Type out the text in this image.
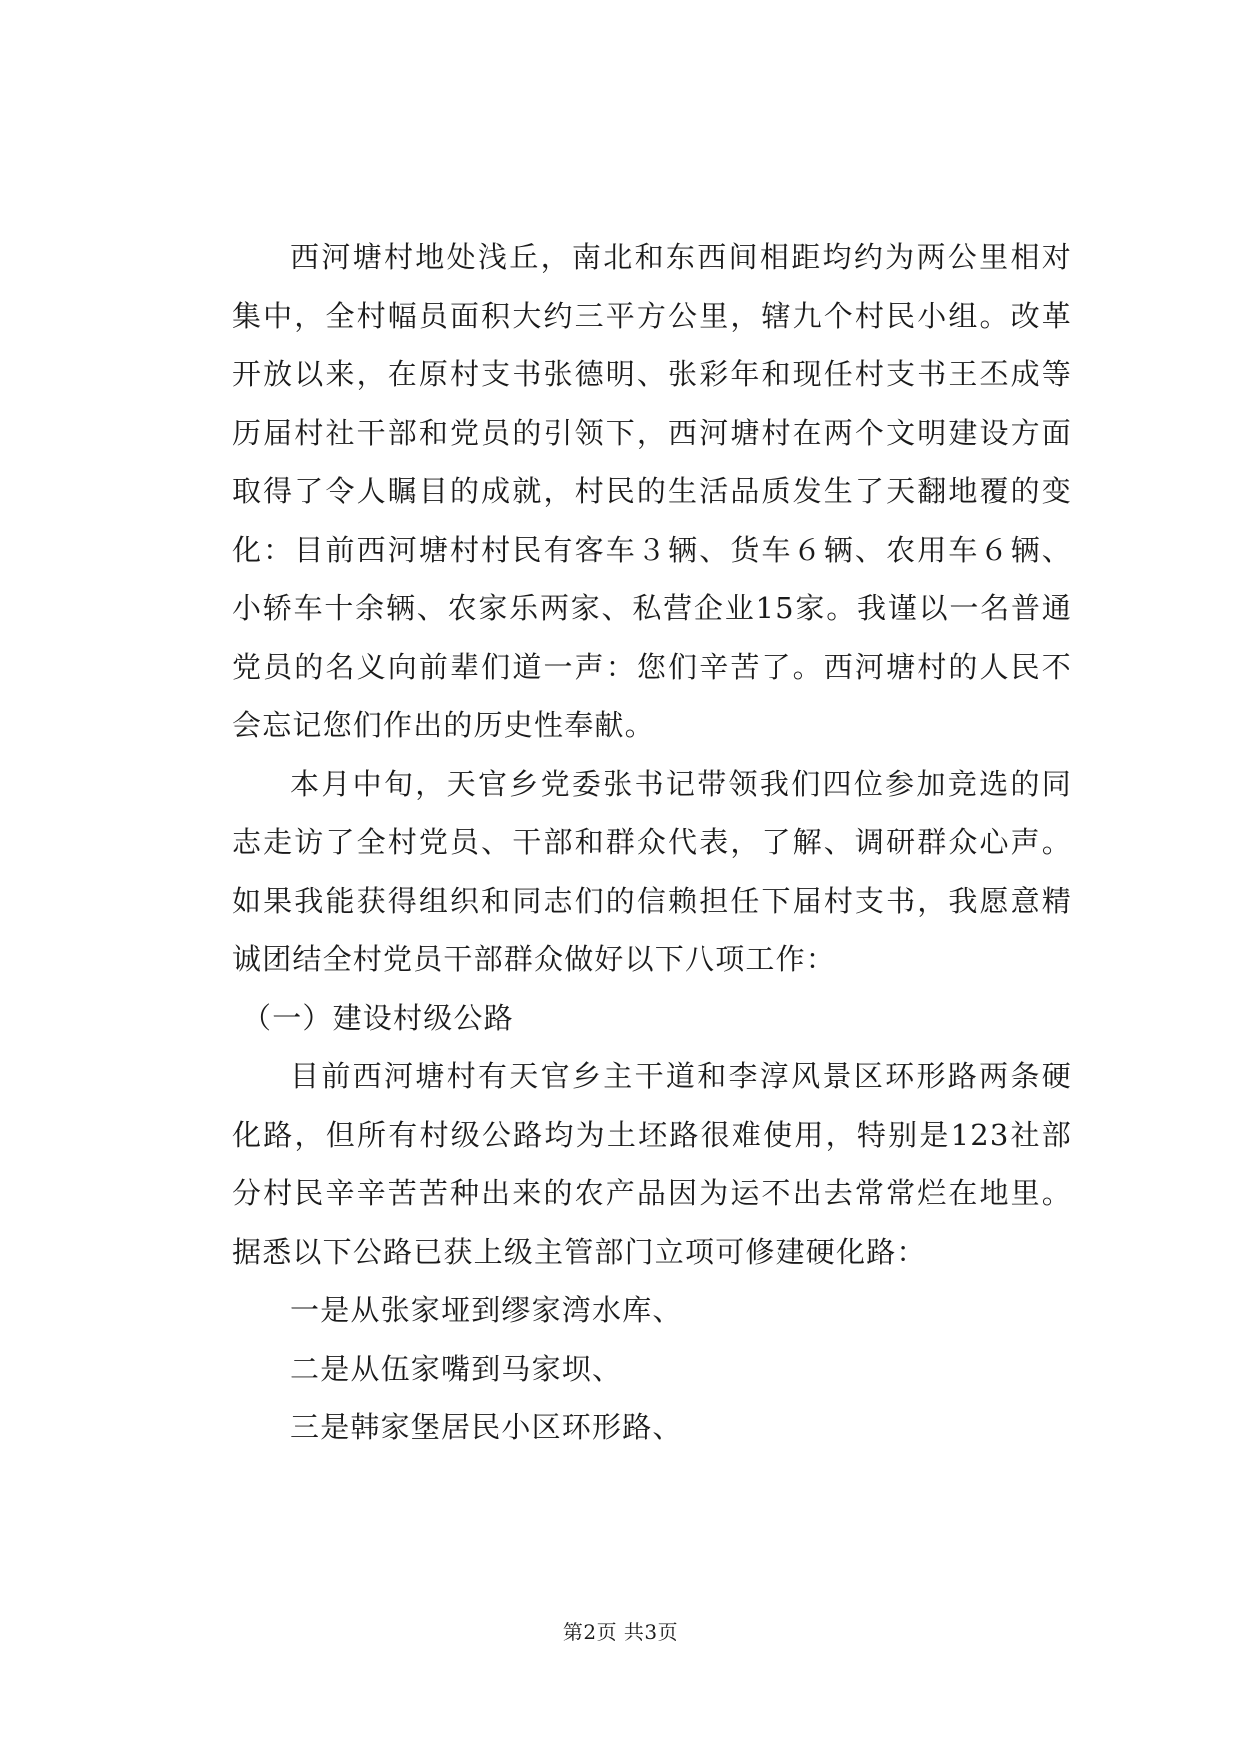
西河塘村地处浅丘，南北和东西间相距均约为两公里相对集中，全村幅员面积大约三平方公里，辖九个村民小组。改革开放以来，在原村支书张德明、张彩年和现任村支书王丕成等历届村社干部和党员的引领下，西河塘村在两个文明建设方面取得了令人瞩目的成就，村民的生活品质发生了天翻地覆的变化：目前西河塘村村民有客车３辆、货车６辆、农用车６辆、小轿车十余辆、农家乐两家、私营企业15家。我谨以一名普通党员的名义向前辈们道一声：您们辛苦了。西河塘村的人民不会忘记您们作出的历史性奉献。

本月中旬，天官乡党委张书记带领我们四位参加竞选的同志走访了全村党员、干部和群众代表，了解、调研群众心声。如果我能获得组织和同志们的信赖担任下届村支书，我愿意精诚团结全村党员干部群众做好以下八项工作：

（一）建设村级公路

目前西河塘村有天官乡主干道和李淳风景区环形路两条硬化路，但所有村级公路均为土坯路很难使用，特别是123社部分村民辛辛苦苦种出来的农产品因为运不出去常常烂在地里。据悉以下公路已获上级主管部门立项可修建硬化路：

一是从张家垭到缪家湾水库、

二是从伍家嘴到马家坝、

三是韩家堡居民小区环形路、

第2页 共3页
